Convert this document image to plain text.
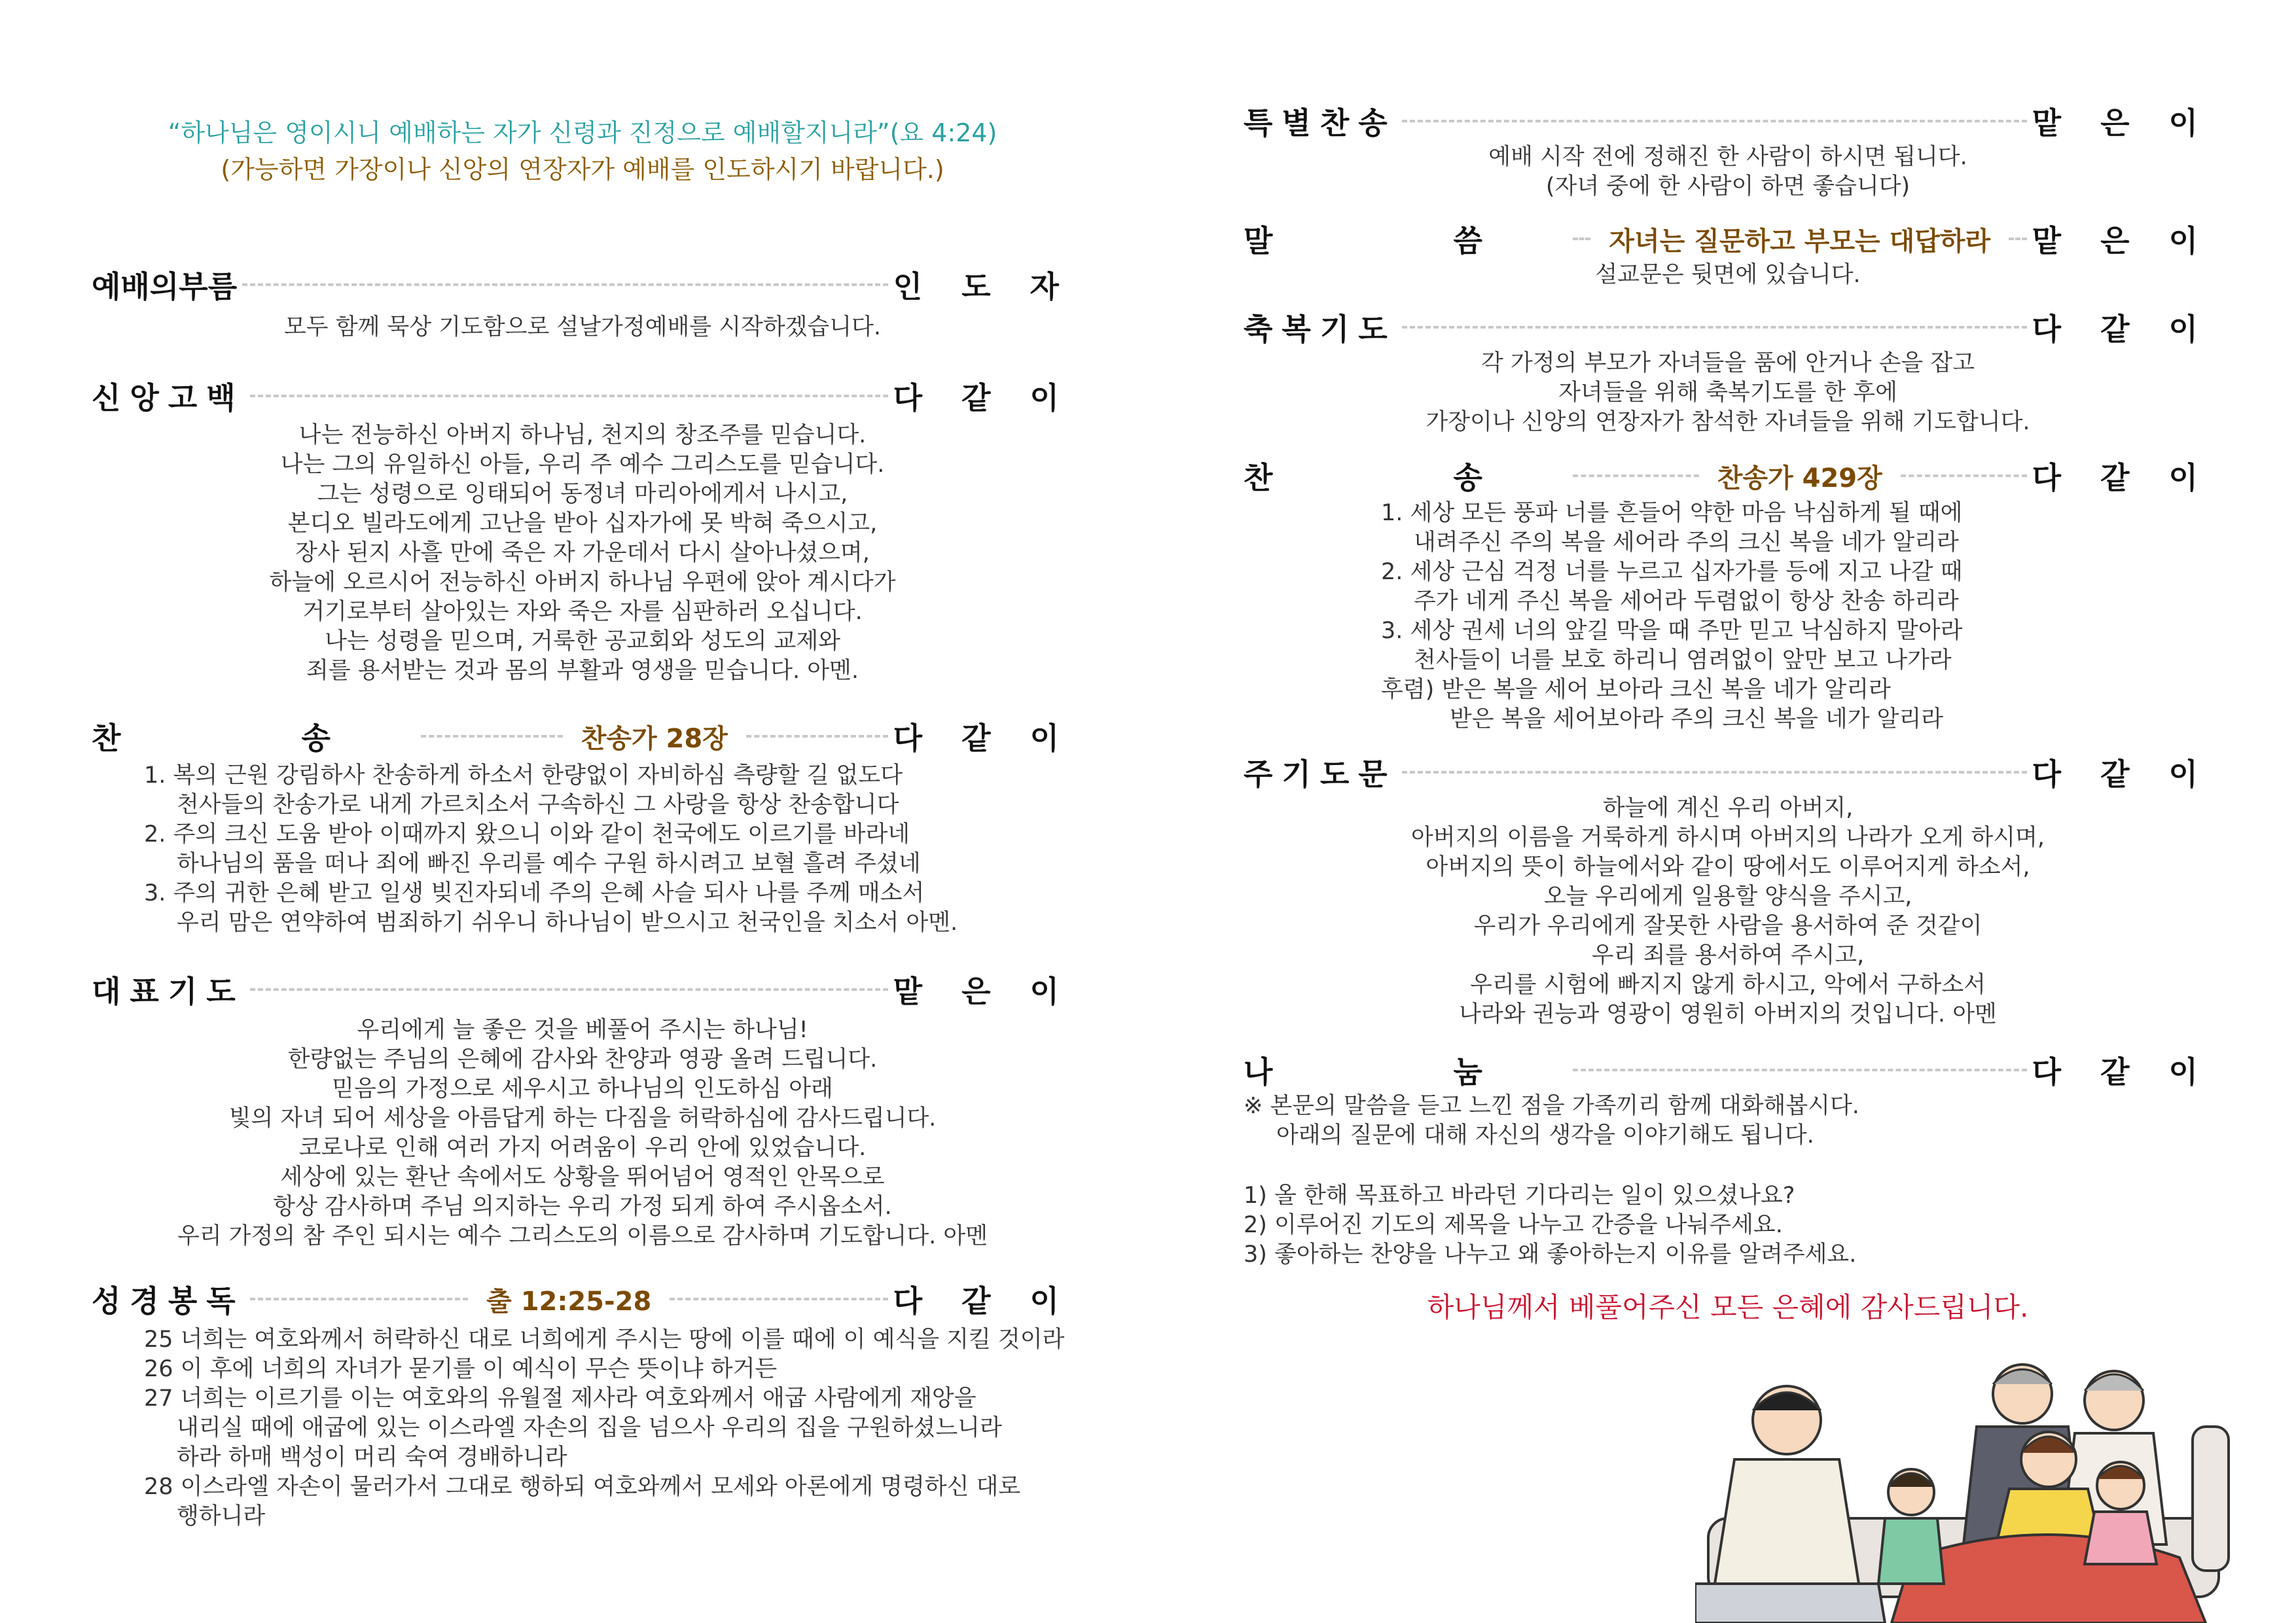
“하나님은 영이시니 예배하는 자가 신령과 진정으로 예배할지니라”(요 4:24)
(가능하면 가장이나 신앙의 연장자가 예배를 인도하시기 바랍니다.)
예배의부름	인 도 자
모두 함께 묵상 기도함으로 설날가정예배를 시작하겠습니다.
신앙고백	다 같 이
나는 전능하신 아버지 하나님, 천지의 창조주를 믿습니다.
나는 그의 유일하신 아들, 우리 주 예수 그리스도를 믿습니다.
그는 성령으로 잉태되어 동정녀 마리아에게서 나시고,
본디오 빌라도에게 고난을 받아 십자가에 못 박혀 죽으시고,
장사 된지 사흘 만에 죽은 자 가운데서 다시 살아나셨으며,
하늘에 오르시어 전능하신 아버지 하나님 우편에 앉아 계시다가
거기로부터 살아있는 자와 죽은 자를 심판하러 오십니다.
나는 성령을 믿으며, 거룩한 공교회와 성도의 교제와
죄를 용서받는 것과 몸의 부활과 영생을 믿습니다. 아멘.
찬 송	찬송가 28장	다 같 이
1. 복의 근원 강림하사 찬송하게 하소서 한량없이 자비하심 측량할 길 없도다
천사들의 찬송가로 내게 가르치소서 구속하신 그 사랑을 항상 찬송합니다
2. 주의 크신 도움 받아 이때까지 왔으니 이와 같이 천국에도 이르기를 바라네
하나님의 품을 떠나 죄에 빠진 우리를 예수 구원 하시려고 보혈 흘려 주셨네
3. 주의 귀한 은혜 받고 일생 빚진자되네 주의 은혜 사슬 되사 나를 주께 매소서
우리 맘은 연약하여 범죄하기 쉬우니 하나님이 받으시고 천국인을 치소서 아멘.
대표기도	맡 은 이
우리에게 늘 좋은 것을 베풀어 주시는 하나님!
한량없는 주님의 은혜에 감사와 찬양과 영광 올려 드립니다.
믿음의 가정으로 세우시고 하나님의 인도하심 아래
빛의 자녀 되어 세상을 아름답게 하는 다짐을 허락하심에 감사드립니다.
코로나로 인해 여러 가지 어려움이 우리 안에 있었습니다.
세상에 있는 환난 속에서도 상황을 뛰어넘어 영적인 안목으로
항상 감사하며 주님 의지하는 우리 가정 되게 하여 주시옵소서.
우리 가정의 참 주인 되시는 예수 그리스도의 이름으로 감사하며 기도합니다. 아멘
성경봉독	출 12:25-28	다 같 이
25 너희는 여호와께서 허락하신 대로 너희에게 주시는 땅에 이를 때에 이 예식을 지킬 것이라
26 이 후에 너희의 자녀가 묻기를 이 예식이 무슨 뜻이냐 하거든
27 너희는 이르기를 이는 여호와의 유월절 제사라 여호와께서 애굽 사람에게 재앙을
내리실 때에 애굽에 있는 이스라엘 자손의 집을 넘으사 우리의 집을 구원하셨느니라
하라 하매 백성이 머리 숙여 경배하니라
28 이스라엘 자손이 물러가서 그대로 행하되 여호와께서 모세와 아론에게 명령하신 대로
행하니라
특별찬송	맡 은 이
예배 시작 전에 정해진 한 사람이 하시면 됩니다.
(자녀 중에 한 사람이 하면 좋습니다)
말 씀	자녀는 질문하고 부모는 대답하라	맡 은 이
설교문은 뒷면에 있습니다.
축복기도	다 같 이
각 가정의 부모가 자녀들을 품에 안거나 손을 잡고
자녀들을 위해 축복기도를 한 후에
가장이나 신앙의 연장자가 참석한 자녀들을 위해 기도합니다.
찬 송	찬송가 429장	다 같 이
1. 세상 모든 풍파 너를 흔들어 약한 마음 낙심하게 될 때에
내려주신 주의 복을 세어라 주의 크신 복을 네가 알리라
2. 세상 근심 걱정 너를 누르고 십자가를 등에 지고 나갈 때
주가 네게 주신 복을 세어라 두렴없이 항상 찬송 하리라
3. 세상 권세 너의 앞길 막을 때 주만 믿고 낙심하지 말아라
천사들이 너를 보호 하리니 염려없이 앞만 보고 나가라
후렴) 받은 복을 세어 보아라 크신 복을 네가 알리라
받은 복을 세어보아라 주의 크신 복을 네가 알리라
주기도문	다 같 이
하늘에 계신 우리 아버지,
아버지의 이름을 거룩하게 하시며 아버지의 나라가 오게 하시며,
아버지의 뜻이 하늘에서와 같이 땅에서도 이루어지게 하소서,
오늘 우리에게 일용할 양식을 주시고,
우리가 우리에게 잘못한 사람을 용서하여 준 것같이
우리 죄를 용서하여 주시고,
우리를 시험에 빠지지 않게 하시고, 악에서 구하소서
나라와 권능과 영광이 영원히 아버지의 것입니다. 아멘
나 눔	다 같 이
※ 본문의 말씀을 듣고 느낀 점을 가족끼리 함께 대화해봅시다.
아래의 질문에 대해 자신의 생각을 이야기해도 됩니다.
1) 올 한해 목표하고 바라던 기다리는 일이 있으셨나요?
2) 이루어진 기도의 제목을 나누고 간증을 나눠주세요.
3) 좋아하는 찬양을 나누고 왜 좋아하는지 이유를 알려주세요.
하나님께서 베풀어주신 모든 은혜에 감사드립니다.
